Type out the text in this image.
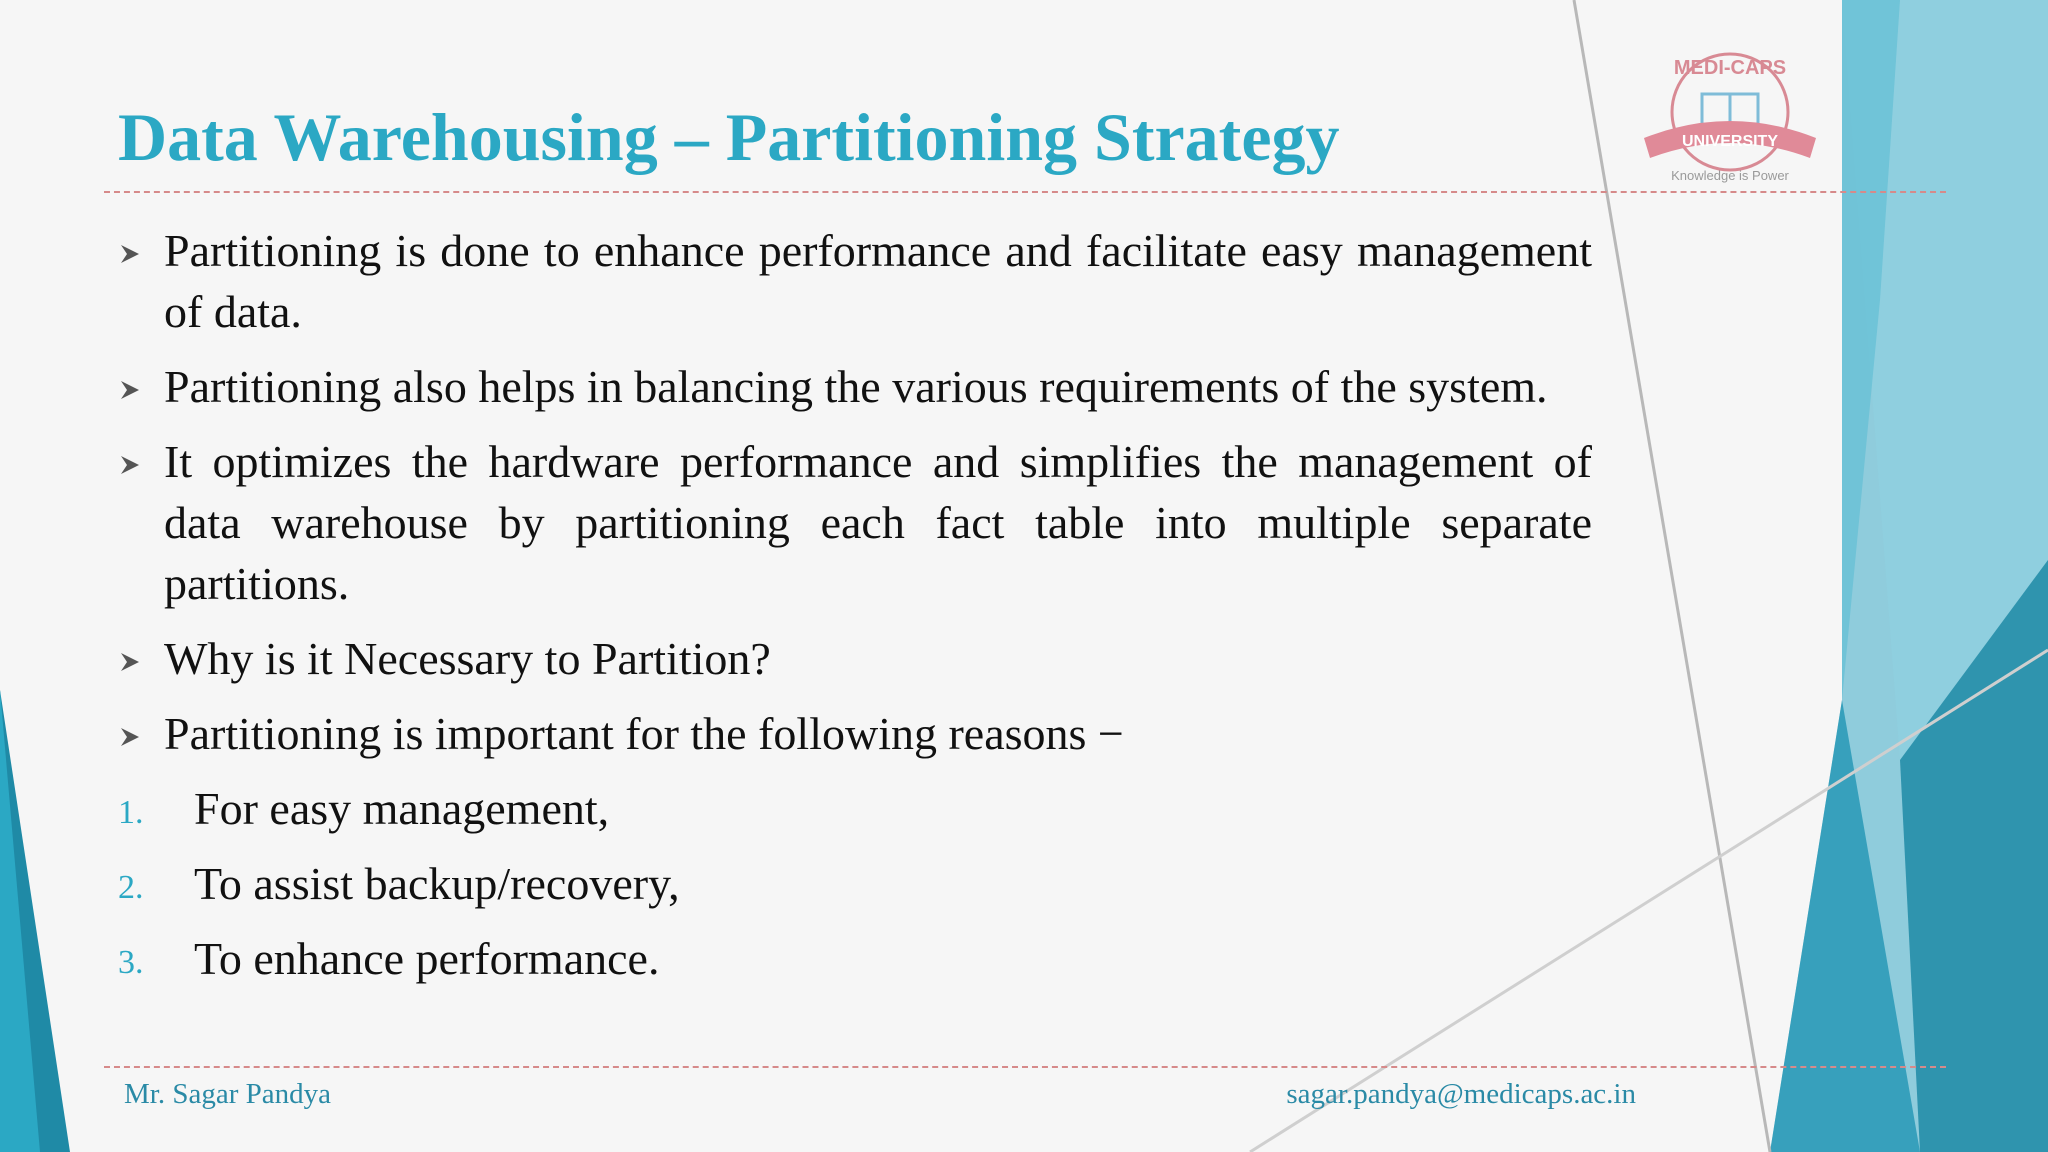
MEDI-CAPS
UNIVERSITY
Knowledge is Power
Data Warehousing – Partitioning Strategy
Partitioning is done to enhance performance and facilitate easy management of data.
Partitioning also helps in balancing the various requirements of the system.
It optimizes the hardware performance and simplifies the management of data warehouse by partitioning each fact table into multiple separate partitions.
Why is it Necessary to Partition?
Partitioning is important for the following reasons −
1. For easy management,
2. To assist backup/recovery,
3. To enhance performance.
Mr. Sagar Pandya	sagar.pandya@medicaps.ac.in
